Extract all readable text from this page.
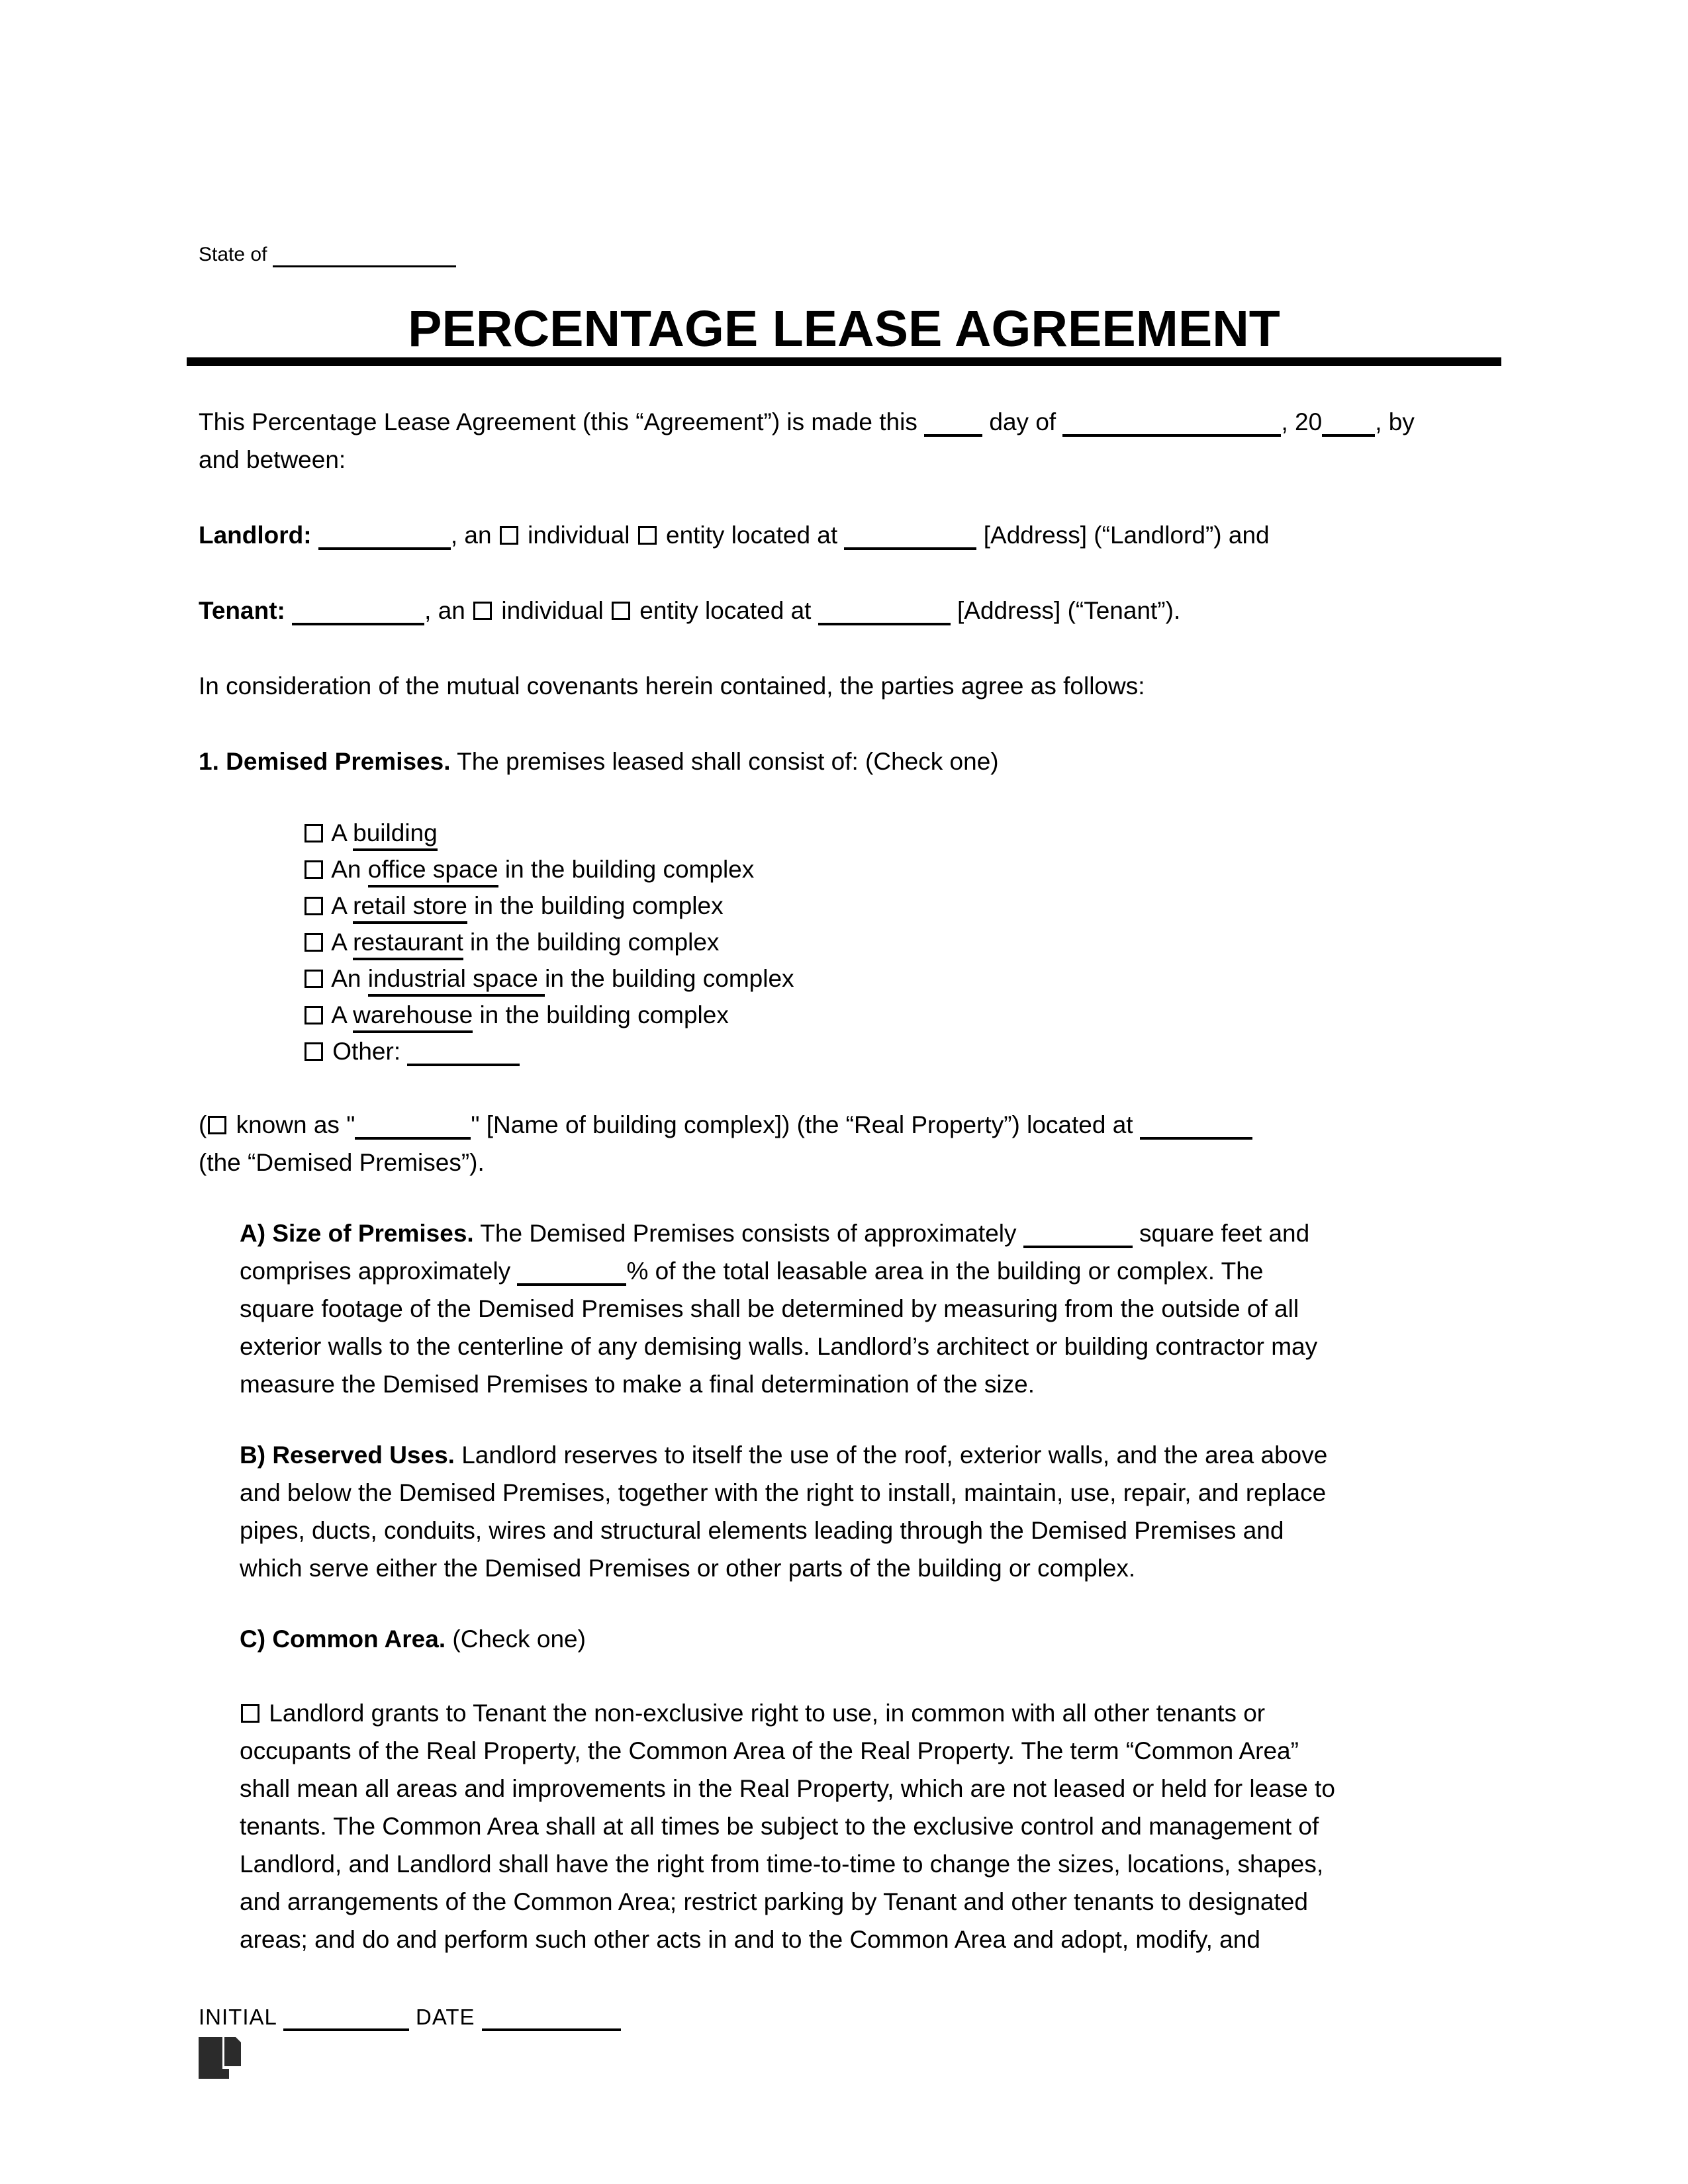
State of

PERCENTAGE LEASE AGREEMENT

This Percentage Lease Agreement (this “Agreement”) is made this  day of	, 20 , by
and between:

Landlord:	, an  individual  entity located at	[Address] (“Landlord”) and

Tenant:	, an  individual  entity located at	[Address] (“Tenant”).

In consideration of the mutual covenants herein contained, the parties agree as follows:

1. Demised Premises. The premises leased shall consist of: (Check one)

A building

An office space in the building complex

A retail store in the building complex

A restaurant in the building complex

An industrial space in the building complex

A warehouse in the building complex

Other:

( known as "	" [Name of building complex]) (the “Real Property”) located at
(the “Demised Premises”).

A) Size of Premises. The Demised Premises consists of approximately	square feet and
comprises approximately	% of the total leasable area in the building or complex. The
square footage of the Demised Premises shall be determined by measuring from the outside of all
exterior walls to the centerline of any demising walls. Landlord’s architect or building contractor may
measure the Demised Premises to make a final determination of the size.

B) Reserved Uses. Landlord reserves to itself the use of the roof, exterior walls, and the area above
and below the Demised Premises, together with the right to install, maintain, use, repair, and replace
pipes, ducts, conduits, wires and structural elements leading through the Demised Premises and
which serve either the Demised Premises or other parts of the building or complex.

C) Common Area. (Check one)

Landlord grants to Tenant the non-exclusive right to use, in common with all other tenants or
occupants of the Real Property, the Common Area of the Real Property. The term “Common Area”
shall mean all areas and improvements in the Real Property, which are not leased or held for lease to
tenants. The Common Area shall at all times be subject to the exclusive control and management of
Landlord, and Landlord shall have the right from time-to-time to change the sizes, locations, shapes,
and arrangements of the Common Area; restrict parking by Tenant and other tenants to designated
areas; and do and perform such other acts in and to the Common Area and adopt, modify, and

INITIAL	DATE
